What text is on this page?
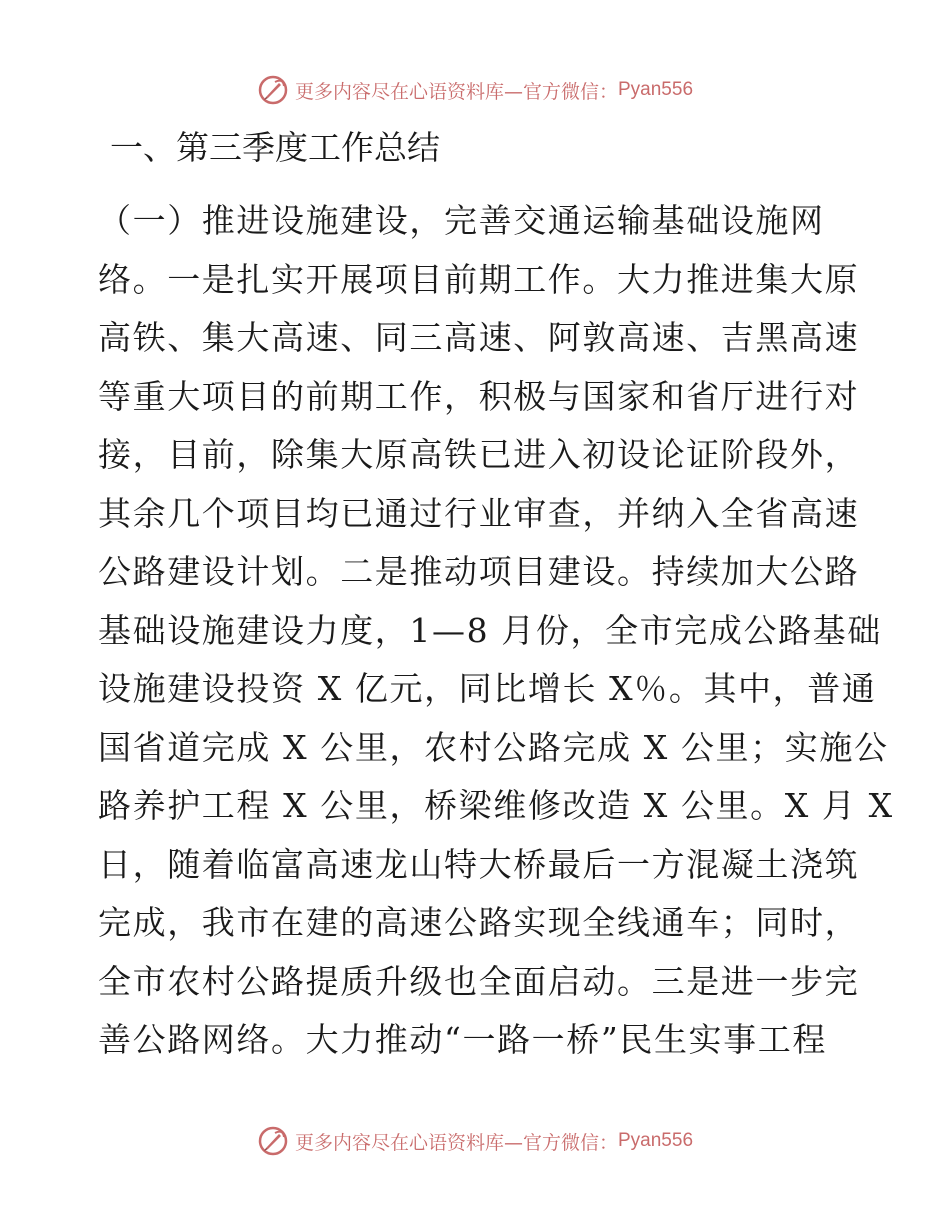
更多内容尽在心语资料库—官方微信： Pyan556
一、第三季度工作总结
（一）推进设施建设，完善交通运输基础设施网
络。一是扎实开展项目前期工作。大力推进集大原
高铁、集大高速、同三高速、阿敦高速、吉黑高速
等重大项目的前期工作，积极与国家和省厅进行对
接，目前，除集大原高铁已进入初设论证阶段外，
其余几个项目均已通过行业审查，并纳入全省高速
公路建设计划。二是推动项目建设。持续加大公路
基础设施建设力度，1—8 月份，全市完成公路基础
设施建设投资 X 亿元，同比增长 X％。其中，普通
国省道完成 X 公里，农村公路完成 X 公里；实施公
路养护工程 X 公里，桥梁维修改造 X 公里。X 月 X
日，随着临富高速龙山特大桥最后一方混凝土浇筑
完成，我市在建的高速公路实现全线通车；同时，
全市农村公路提质升级也全面启动。三是进一步完
善公路网络。大力推动“一路一桥”民生实事工程
更多内容尽在心语资料库—官方微信： Pyan556
